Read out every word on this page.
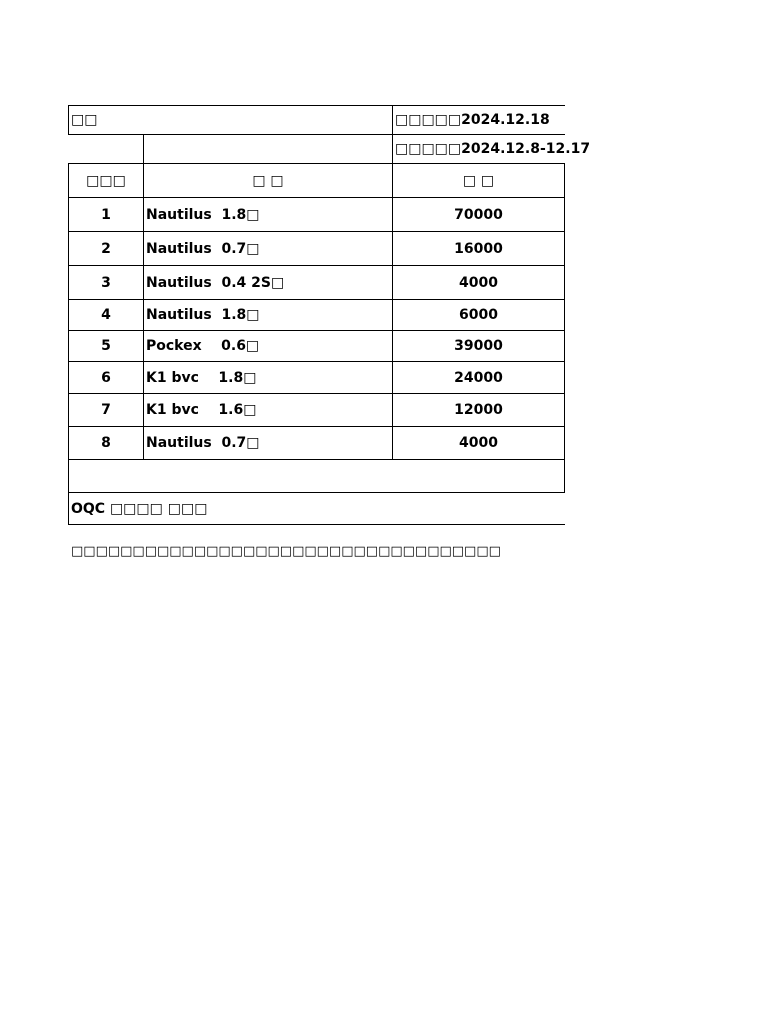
□□		□□□□□2024.12.18
		□□□□□2024.12.8-12.17
□□□	□ □	□ □
1	Nautilus  1.8□	70000
2	Nautilus  0.7□	16000
3	Nautilus  0.4 2S□	4000
4	Nautilus  1.8□	6000
5	Pockex    0.6□	39000
6	K1 bvc    1.8□	24000
7	K1 bvc    1.6□	12000
8	Nautilus  0.7□	4000

OQC □□□□ □□□		
□□□□□□□□□□□□□□□□□□□□□□□□□□□□□□□□□□□
